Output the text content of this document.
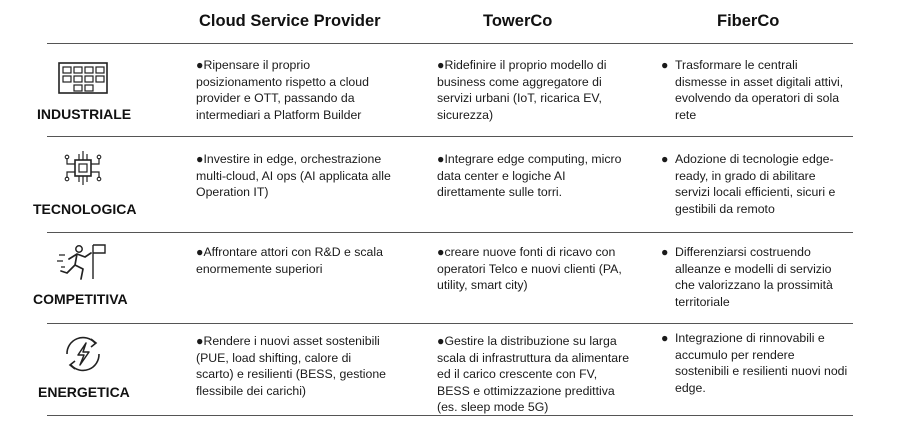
Cloud Service Provider	TowerCo	FiberCo
INDUSTRIALE
●Ripensare il proprio posizionamento rispetto a cloud provider e OTT, passando da intermediari a Platform Builder
●Ridefinire il proprio modello di business come aggregatore di servizi urbani (IoT, ricarica EV, sicurezza)
● Trasformare le centrali dismesse in asset digitali attivi, evolvendo da operatori di sola rete
TECNOLOGICA
●Investire in edge, orchestrazione multi-cloud, AI ops (AI applicata alle Operation IT)
●Integrare edge computing, micro data center e logiche AI direttamente sulle torri.
● Adozione di tecnologie edge-ready, in grado di abilitare servizi locali efficienti, sicuri e gestibili da remoto
COMPETITIVA
●Affrontare attori con R&D e scala enormemente superiori
●creare nuove fonti di ricavo con operatori Telco e nuovi clienti (PA, utility, smart city)
● Differenziarsi costruendo alleanze e modelli di servizio che valorizzano la prossimità territoriale
ENERGETICA
●Rendere i nuovi asset sostenibili (PUE, load shifting, calore di scarto) e resilienti (BESS, gestione flessibile dei carichi)
●Gestire la distribuzione su larga scala di infrastruttura da alimentare ed il carico crescente con FV, BESS e ottimizzazione predittiva (es. sleep mode 5G)
● Integrazione di rinnovabili e accumulo per rendere sostenibili e resilienti nuovi nodi edge.
